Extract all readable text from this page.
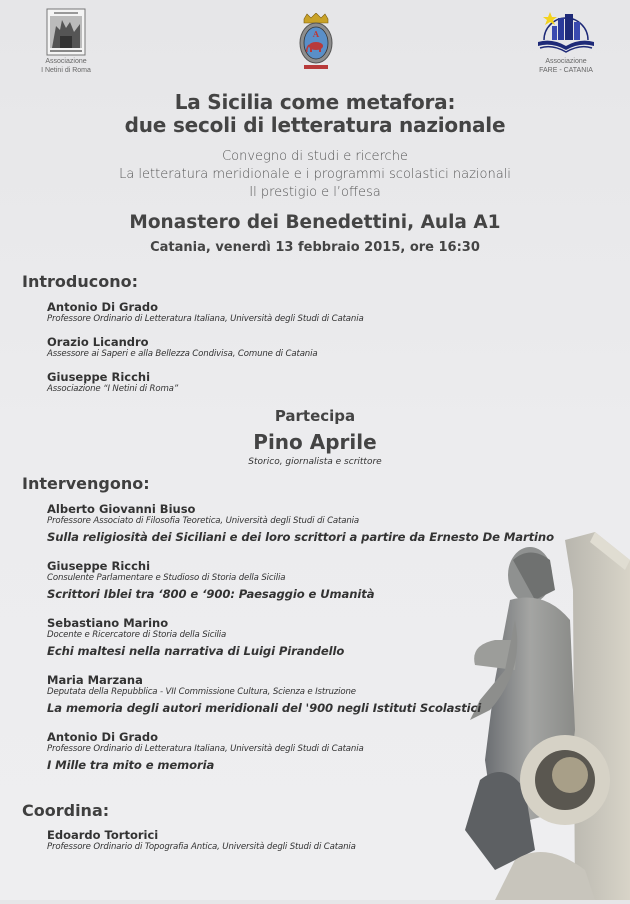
Associazione
I Netini di Roma
A
Associazione
FARE - CATANIA
La Sicilia come metafora:
due secoli di letteratura nazionale
Convegno di studi e ricerche
La letteratura meridionale e i programmi scolastici nazionali
Il prestigio e l’offesa
Monastero dei Benedettini, Aula A1
Catania, venerdì 13 febbraio 2015, ore 16:30
Introducono:
Antonio Di Grado
Professore Ordinario di Letteratura Italiana, Università degli Studi di Catania
Orazio Licandro
Assessore ai Saperi e alla Bellezza Condivisa, Comune di Catania
Giuseppe Ricchi
Associazione “I Netini di Roma”
Partecipa
Pino Aprile
Storico, giornalista e scrittore
Intervengono:
Alberto Giovanni Biuso
Professore Associato di Filosofia Teoretica, Università degli Studi di Catania
Sulla religiosità dei Siciliani e dei loro scrittori a partire da Ernesto De Martino
Giuseppe Ricchi
Consulente Parlamentare e Studioso di Storia della Sicilia
Scrittori Iblei tra ‘800 e ‘900: Paesaggio e Umanità
Sebastiano Marino
Docente e Ricercatore di Storia della Sicilia
Echi maltesi nella narrativa di Luigi Pirandello
Maria Marzana
Deputata della Repubblica - VII Commissione Cultura, Scienza e Istruzione
La memoria degli autori meridionali del '900 negli Istituti Scolastici
Antonio Di Grado
Professore Ordinario di Letteratura Italiana, Università degli Studi di Catania
I Mille tra mito e memoria
Coordina:
Edoardo Tortorici
Professore Ordinario di Topografia Antica, Università degli Studi di Catania
